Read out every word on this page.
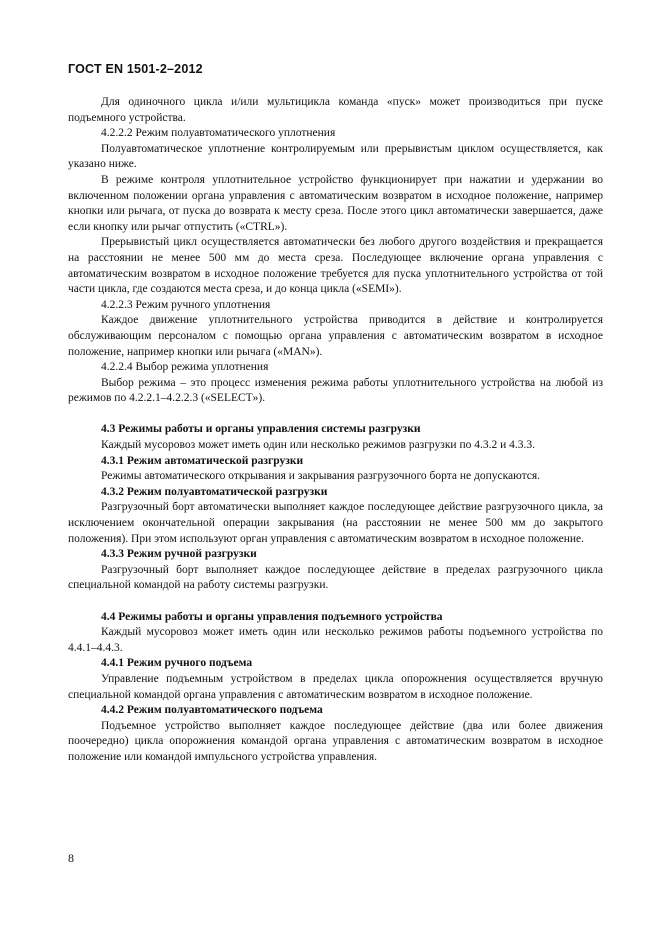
ГОСТ EN 1501-2–2012

Для одиночного цикла и/или мультицикла команда «пуск» может производиться при пуске подъемного устройства.

4.2.2.2 Режим полуавтоматического уплотнения

Полуавтоматическое уплотнение контролируемым или прерывистым циклом осуществляется, как указано ниже.

В режиме контроля уплотнительное устройство функционирует при нажатии и удержании во включенном положении органа управления с автоматическим возвратом в исходное положение, например кнопки или рычага, от пуска до возврата к месту среза. После этого цикл автоматически завершается, даже если кнопку или рычаг отпустить («CTRL»).

Прерывистый цикл осуществляется автоматически без любого другого воздействия и прекращается на расстоянии не менее 500 мм до места среза. Последующее включение органа управления с автоматическим возвратом в исходное положение требуется для пуска уплотнительного устройства от той части цикла, где создаются места среза, и до конца цикла («SEMI»).

4.2.2.3 Режим ручного уплотнения

Каждое движение уплотнительного устройства приводится в действие и контролируется обслуживающим персоналом с помощью органа управления с автоматическим возвратом в исходное положение, например кнопки или рычага («MAN»).

4.2.2.4 Выбор режима уплотнения

Выбор режима – это процесс изменения режима работы уплотнительного устройства на любой из режимов по 4.2.2.1–4.2.2.3 («SELECT»).

4.3 Режимы работы и органы управления системы разгрузки

Каждый мусоровоз может иметь один или несколько режимов разгрузки по 4.3.2 и 4.3.3.

4.3.1 Режим автоматической разгрузки

Режимы автоматического открывания и закрывания разгрузочного борта не допускаются.

4.3.2 Режим полуавтоматической разгрузки

Разгрузочный борт автоматически выполняет каждое последующее действие разгрузочного цикла, за исключением окончательной операции закрывания (на расстоянии не менее 500 мм до закрытого положения). При этом используют орган управления с автоматическим возвратом в исходное положение.

4.3.3 Режим ручной разгрузки

Разгрузочный борт выполняет каждое последующее действие в пределах разгрузочного цикла специальной командой на работу системы разгрузки.

4.4 Режимы работы и органы управления подъемного устройства

Каждый мусоровоз может иметь один или несколько режимов работы подъемного устройства по 4.4.1–4.4.3.

4.4.1 Режим ручного подъема

Управление подъемным устройством в пределах цикла опорожнения осуществляется вручную специальной командой органа управления с автоматическим возвратом в исходное положение.

4.4.2 Режим полуавтоматического подъема

Подъемное устройство выполняет каждое последующее действие (два или более движения поочередно) цикла опорожнения командой органа управления с автоматическим возвратом в исходное положение или командой импульсного устройства управления.

8
